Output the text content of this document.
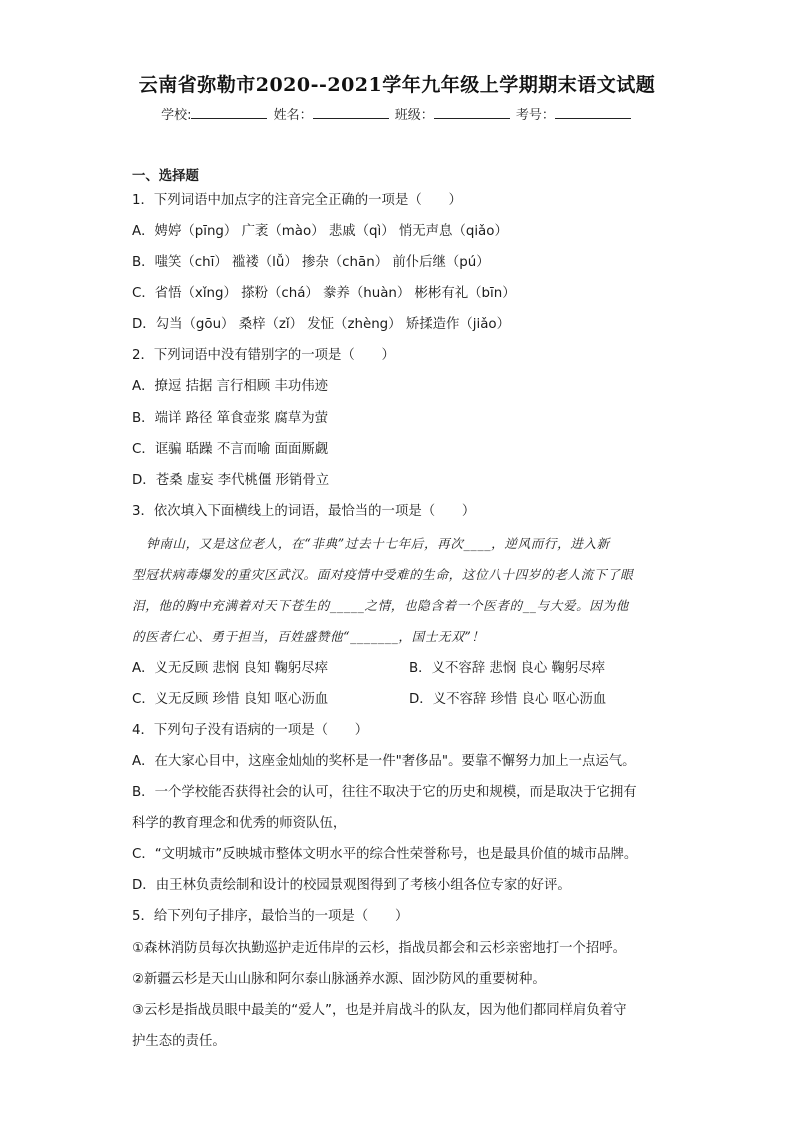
云南省弥勒市2020--2021学年九年级上学期期末语文试题
学校:	姓名：	班级：	考号：
一、选择题
1．下列词语中加点字的注音完全正确的一项是（　　）
A．娉婷（pīng） 广袤（mào） 悲戚（qì） 悄无声息（qiǎo）
B．嗤笑（chī） 褴褛（lǚ） 掺杂（chān） 前仆后继（pú）
C．省悟（xǐng） 搽粉（chá） 豢养（huàn） 彬彬有礼（bīn）
D．勾当（gōu） 桑梓（zǐ） 发怔（zhèng） 矫揉造作（jiǎo）
2．下列词语中没有错别字的一项是（　　）
A．撩逗 拮据 言行相顾 丰功伟迹
B．端详 路径 箪食壶浆 腐草为萤
C．诓骗 聒躁 不言而喻 面面厮觑
D．苍桑 虚妄 李代桃僵 形销骨立
3．依次填入下面横线上的词语，最恰当的一项是（　　）
钟南山，又是这位老人，在“非典”过去十七年后，再次____，逆风而行，进入新
型冠状病毒爆发的重灾区武汉。面对疫情中受难的生命，这位八十四岁的老人流下了眼
泪，他的胸中充满着对天下苍生的_____之情，也隐含着一个医者的__与大爱。因为他
的医者仁心、勇于担当，百姓盛赞他“_______，国士无双”！
A．义无反顾 悲悯 良知 鞠躬尽瘁	B．义不容辞 悲悯 良心 鞠躬尽瘁
C．义无反顾 珍惜 良知 呕心沥血	D．义不容辞 珍惜 良心 呕心沥血
4．下列句子没有语病的一项是（　　）
A．在大家心目中，这座金灿灿的奖杯是一件"奢侈品"。要靠不懈努力加上一点运气。
B．一个学校能否获得社会的认可，往往不取决于它的历史和规模，而是取决于它拥有
科学的教育理念和优秀的师资队伍，
C．“文明城市”反映城市整体文明水平的综合性荣誉称号，也是最具价值的城市品牌。
D．由王林负责绘制和设计的校园景观图得到了考核小组各位专家的好评。
5．给下列句子排序，最恰当的一项是（　　）
①森林消防员每次执勤巡护走近伟岸的云杉，指战员都会和云杉亲密地打一个招呼。
②新疆云杉是天山山脉和阿尔泰山脉涵养水源、固沙防风的重要树种。
③云杉是指战员眼中最美的“爱人”，也是并肩战斗的队友，因为他们都同样肩负着守
护生态的责任。
